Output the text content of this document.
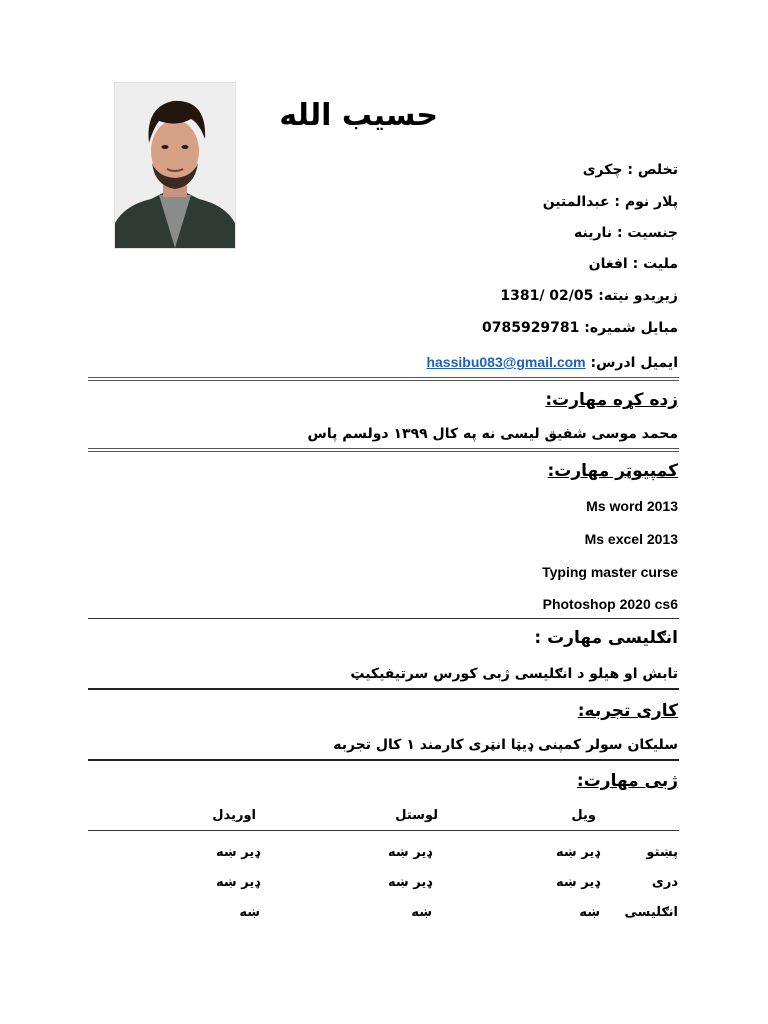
حسیب الله
تخلص : چکری
پلار نوم : عبدالمتین
جنسیت : نارینه
ملیت : افغان
زیږیدو نیته: 1381/ 02/05
مبایل شمیره: 0785929781
ایمیل ادرس: hassibu083@gmail.com
زده کړه مهارت:
محمد موسی شفیق لیسی نه په کال ۱۳۹۹ دولسم پاس
کمپیوټر مهارت:
Ms word 2013
Ms excel 2013
Typing master curse
Photoshop 2020 cs6
انګلیسی مهارت :
تابش او هیلو د انګلیسی ژبی کورس سرتیفیکیټ
کاری تجربه:
سلیکان سولر کمپنی ډیټا انټری کارمند ۱ کال تجربه
ژبی مهارت:
ویل
لوستل
اوریدل
پښتو
ډیر ښه
ډیر ښه
ډیر ښه
دری
ډیر ښه
ډیر ښه
ډیر ښه
انګلیسی
ښه
ښه
ښه
